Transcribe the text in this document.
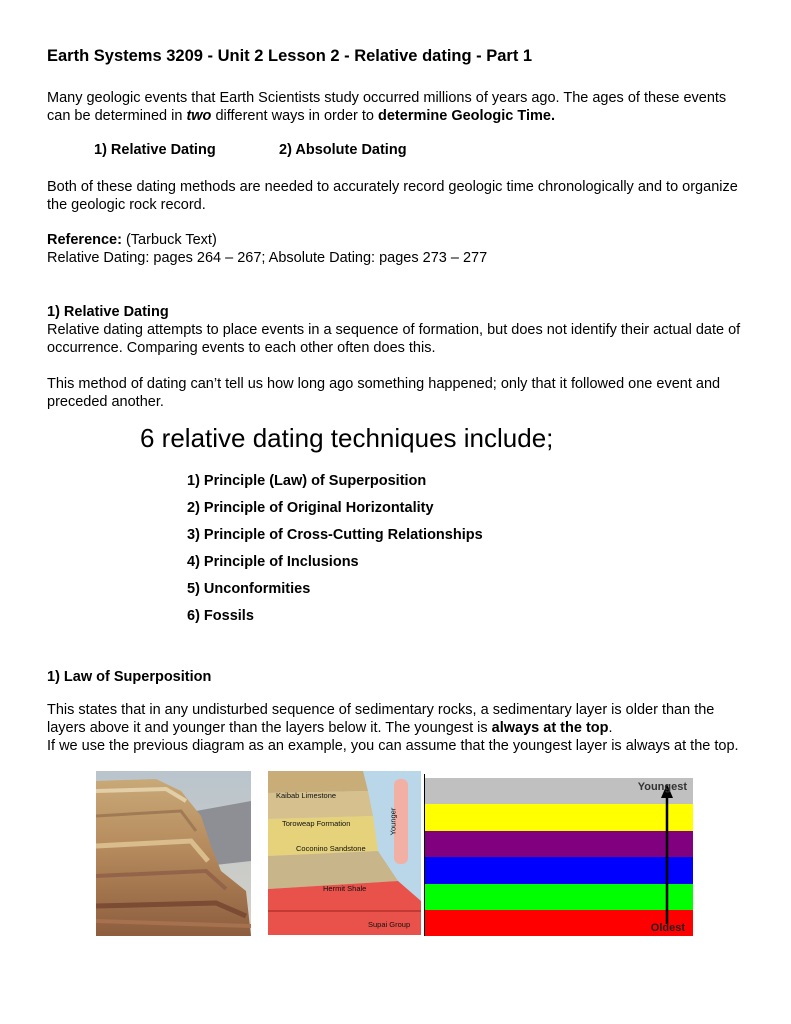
Earth Systems 3209 - Unit 2 Lesson 2 - Relative dating - Part 1
Many geologic events that Earth Scientists study occurred millions of years ago. The ages of these events can be determined in two different ways in order to determine Geologic Time.
1) Relative Dating	2) Absolute Dating
Both of these dating methods are needed to accurately record geologic time chronologically and to organize the geologic rock record.
Reference: (Tarbuck Text)
Relative Dating: pages 264 – 267; Absolute Dating: pages 273 – 277
1) Relative Dating
Relative dating attempts to place events in a sequence of formation, but does not identify their actual date of occurrence. Comparing events to each other often does this.
This method of dating can’t tell us how long ago something happened; only that it followed one event and preceded another.
6 relative dating techniques include;
1) Principle (Law) of Superposition
2) Principle of Original Horizontality
3) Principle of Cross-Cutting Relationships
4) Principle of Inclusions
5) Unconformities
6) Fossils
1) Law of Superposition
This states that in any undisturbed sequence of sedimentary rocks, a sedimentary layer is older than the layers above it and younger than the layers below it. The youngest is always at the top.
If we use the previous diagram as an example, you can assume that the youngest layer is always at the top.
Kaibab Limestone
Toroweap Formation
Coconino Sandstone
Hermit Shale
Supai Group
Younger
Youngest
Oldest
